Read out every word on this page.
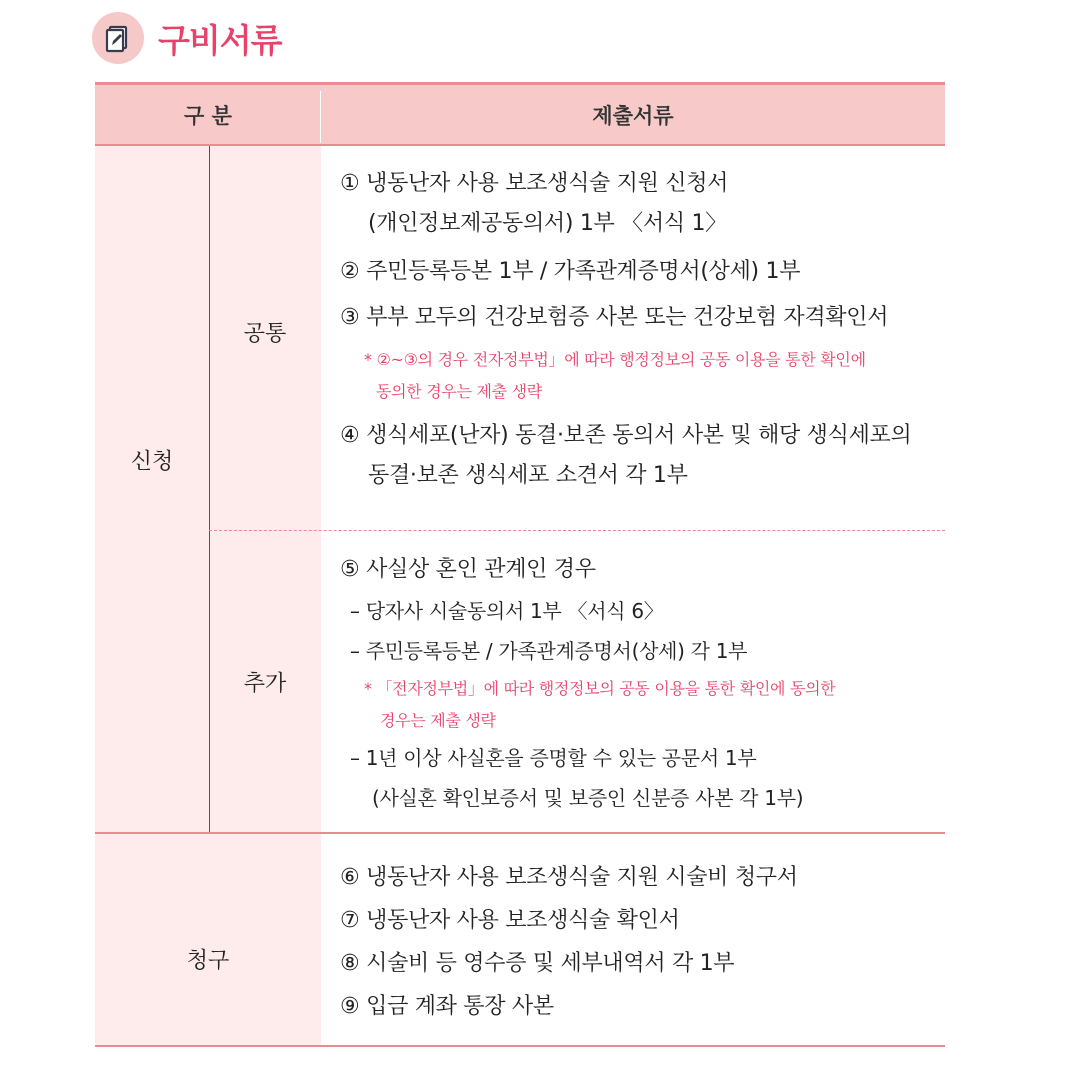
구비서류
구 분	제출서류
신청
공통
추가
청구
① 냉동난자 사용 보조생식술 지원 신청서
(개인정보제공동의서) 1부 〈서식 1〉
② 주민등록등본 1부 / 가족관계증명서(상세) 1부
③ 부부 모두의 건강보험증 사본 또는 건강보험 자격확인서
* ②~③의 경우 전자정부법」에 따라 행정정보의 공동 이용을 통한 확인에
동의한 경우는 제출 생략
④ 생식세포(난자) 동결·보존 동의서 사본 및 해당 생식세포의
동결·보존 생식세포 소견서 각 1부
⑤ 사실상 혼인 관계인 경우
– 당자사 시술동의서 1부 〈서식 6〉
– 주민등록등본 / 가족관계증명서(상세) 각 1부
* 「전자정부법」에 따라 행정정보의 공동 이용을 통한 확인에 동의한
경우는 제출 생략
– 1년 이상 사실혼을 증명할 수 있는 공문서 1부
(사실혼 확인보증서 및 보증인 신분증 사본 각 1부)
⑥ 냉동난자 사용 보조생식술 지원 시술비 청구서
⑦ 냉동난자 사용 보조생식술 확인서
⑧ 시술비 등 영수증 및 세부내역서 각 1부
⑨ 입금 계좌 통장 사본
